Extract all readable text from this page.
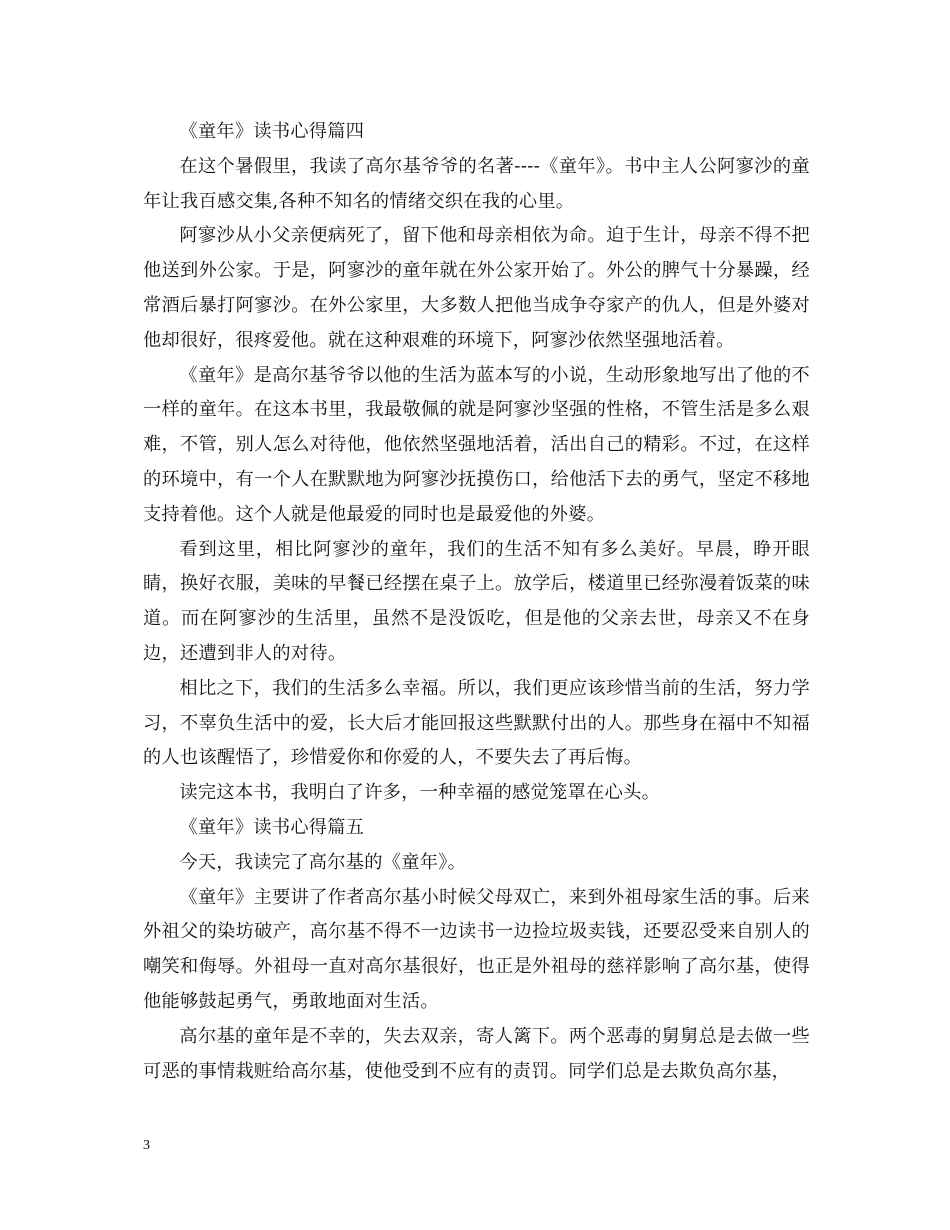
《童年》读书心得篇四

在这个暑假里，我读了高尔基爷爷的名著----《童年》。书中主人公阿寥沙的童年让我百感交集,各种不知名的情绪交织在我的心里。

阿寥沙从小父亲便病死了，留下他和母亲相依为命。迫于生计，母亲不得不把他送到外公家。于是，阿寥沙的童年就在外公家开始了。外公的脾气十分暴躁，经常酒后暴打阿寥沙。在外公家里，大多数人把他当成争夺家产的仇人，但是外婆对他却很好，很疼爱他。就在这种艰难的环境下，阿寥沙依然坚强地活着。

《童年》是高尔基爷爷以他的生活为蓝本写的小说，生动形象地写出了他的不一样的童年。在这本书里，我最敬佩的就是阿寥沙坚强的性格，不管生活是多么艰难，不管，别人怎么对待他，他依然坚强地活着，活出自己的精彩。不过，在这样的环境中，有一个人在默默地为阿寥沙抚摸伤口，给他活下去的勇气，坚定不移地支持着他。这个人就是他最爱的同时也是最爱他的外婆。

看到这里，相比阿寥沙的童年，我们的生活不知有多么美好。早晨，睁开眼睛，换好衣服，美味的早餐已经摆在桌子上。放学后，楼道里已经弥漫着饭菜的味道。而在阿寥沙的生活里，虽然不是没饭吃，但是他的父亲去世，母亲又不在身边，还遭到非人的对待。

相比之下，我们的生活多么幸福。所以，我们更应该珍惜当前的生活，努力学习，不辜负生活中的爱，长大后才能回报这些默默付出的人。那些身在福中不知福的人也该醒悟了，珍惜爱你和你爱的人，不要失去了再后悔。

读完这本书，我明白了许多，一种幸福的感觉笼罩在心头。

《童年》读书心得篇五

今天，我读完了高尔基的《童年》。

《童年》主要讲了作者高尔基小时候父母双亡，来到外祖母家生活的事。后来外祖父的染坊破产，高尔基不得不一边读书一边捡垃圾卖钱，还要忍受来自别人的嘲笑和侮辱。外祖母一直对高尔基很好，也正是外祖母的慈祥影响了高尔基，使得他能够鼓起勇气，勇敢地面对生活。

高尔基的童年是不幸的，失去双亲，寄人篱下。两个恶毒的舅舅总是去做一些可恶的事情栽赃给高尔基，使他受到不应有的责罚。同学们总是去欺负高尔基，

3
